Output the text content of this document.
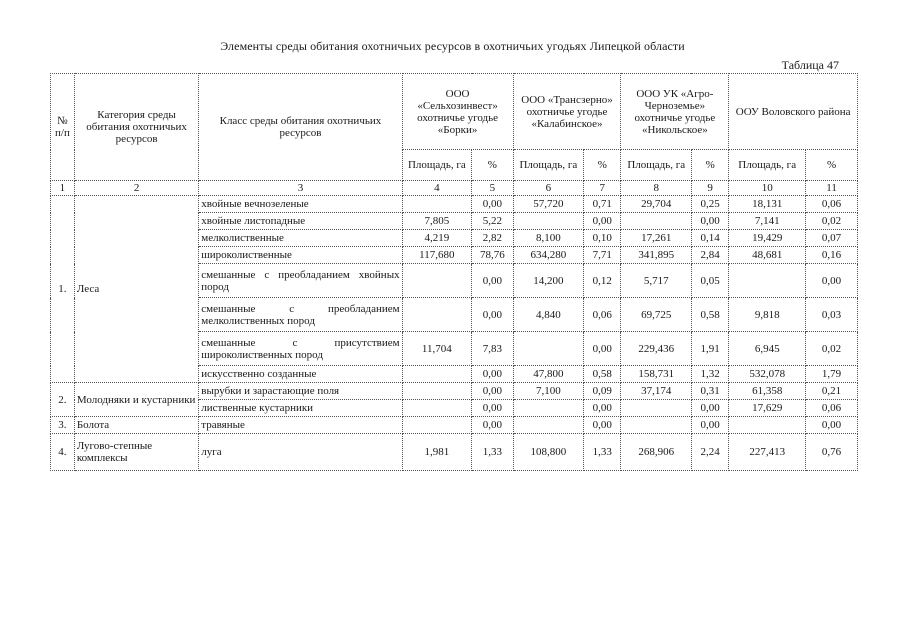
Элементы среды обитания охотничьих ресурсов в охотничьих угодьях Липецкой области
Таблица 47
№ п/п	Категория среды обитания охотничьих ресурсов	Класс среды обитания охотничьих ресурсов	ООО «Сельхозинвест» охотничье угодье «Борки»		ООО «Трансзерно» охотничье угодье «Калабинское»		ООО УК «Агро-Черноземье» охотничье угодье «Никольское»		ООУ Воловского района	
			Площадь, га	%	Площадь, га	%	Площадь, га	%	Площадь, га	%
1	2	3	4	5	6	7	8	9	10	11
1.	Леса	хвойные вечнозеленые		0,00	57,720	0,71	29,704	0,25	18,131	0,06
		хвойные листопадные	7,805	5,22		0,00		0,00	7,141	0,02
		мелколиственные	4,219	2,82	8,100	0,10	17,261	0,14	19,429	0,07
		широколиственные	117,680	78,76	634,280	7,71	341,895	2,84	48,681	0,16
		смешанные с преобладанием хвойных пород		0,00	14,200	0,12	5,717	0,05		0,00
		смешанные с преобладанием мелколиственных пород		0,00	4,840	0,06	69,725	0,58	9,818	0,03
		смешанные с присутствием широколиственных пород	11,704	7,83		0,00	229,436	1,91	6,945	0,02
		искусственно созданные		0,00	47,800	0,58	158,731	1,32	532,078	1,79
2.	Молодняки и кустарники	вырубки и зарастающие поля		0,00	7,100	0,09	37,174	0,31	61,358	0,21
		лиственные кустарники		0,00		0,00		0,00	17,629	0,06
3.	Болота	травяные		0,00		0,00		0,00		0,00
4.	Лугово-степные комплексы	луга	1,981	1,33	108,800	1,33	268,906	2,24	227,413	0,76
